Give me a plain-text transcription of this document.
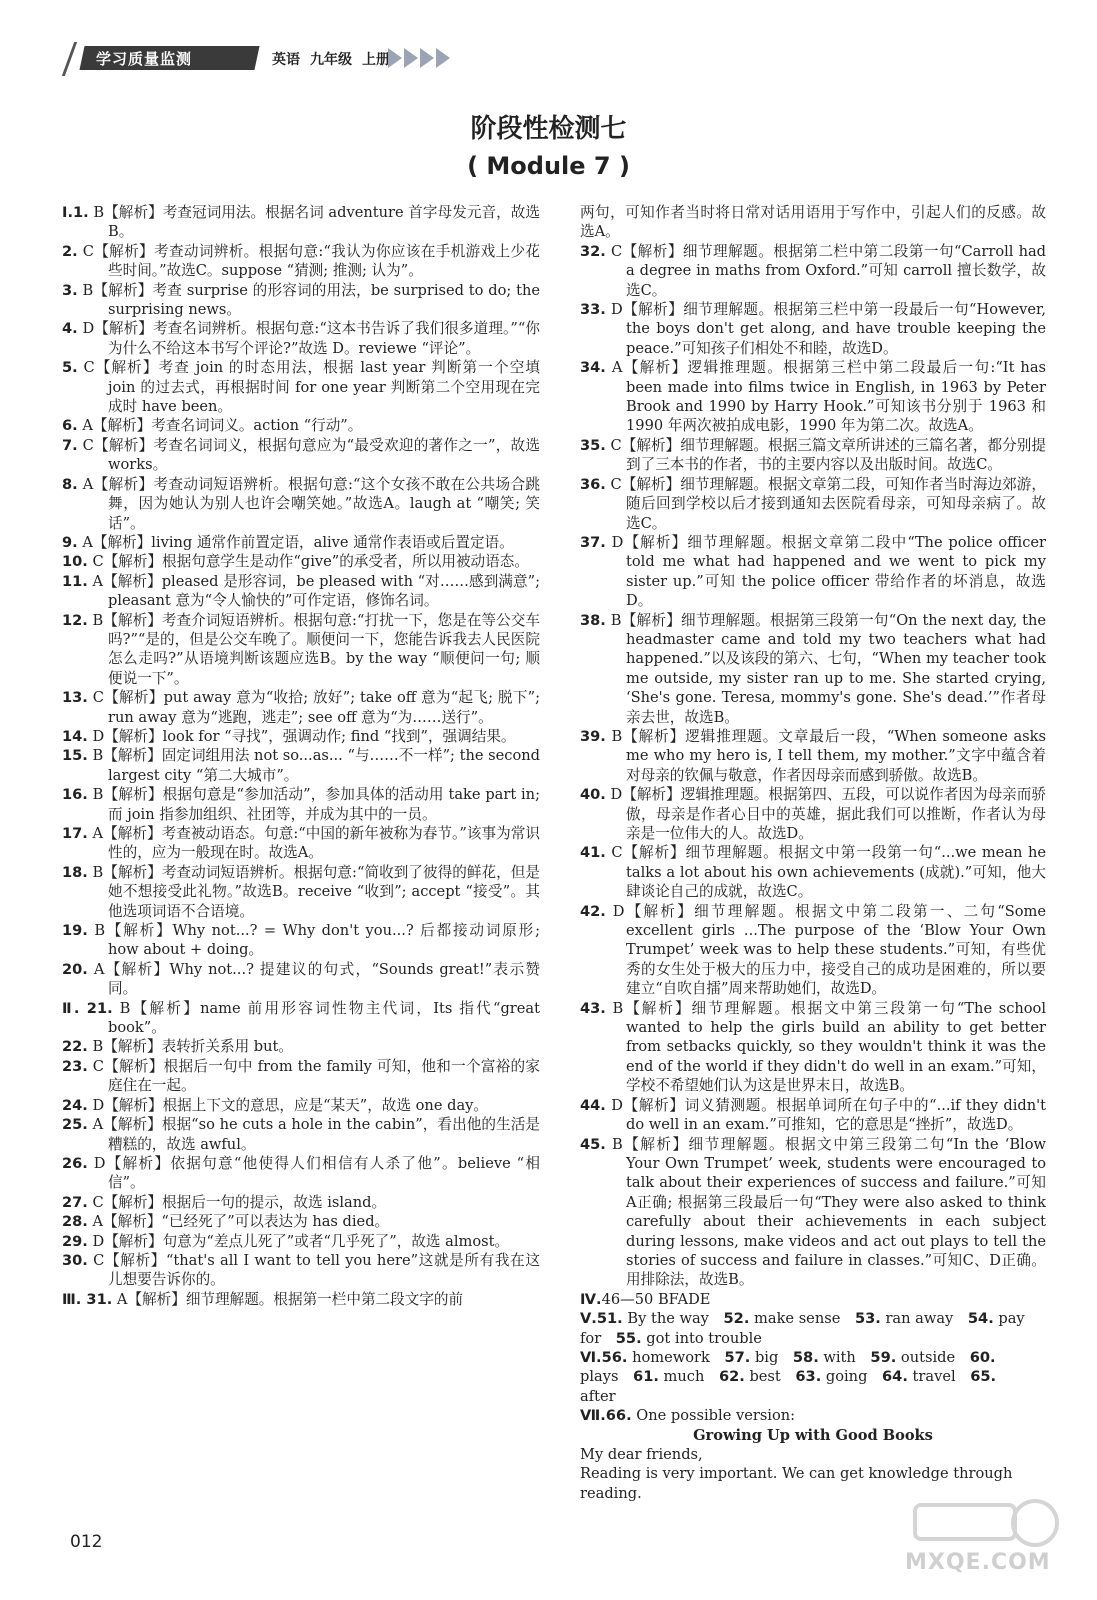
学习质量监测	英语 九年级 上册
阶段性检测七
( Module 7 )

Ⅰ.1. B【解析】考查冠词用法。根据名词 adventure 首字母发元音，故选B。

2. C【解析】考查动词辨析。根据句意:“我认为你应该在手机游戏上少花些时间。”故选C。suppose “猜测; 推测; 认为”。

3. B【解析】考查 surprise 的形容词的用法，be surprised to do; the surprising news。

4. D【解析】考查名词辨析。根据句意:“这本书告诉了我们很多道理。”“你为什么不给这本书写个评论?”故选 D。reviewe “评论”。

5. C【解析】考查 join 的时态用法，根据 last year 判断第一个空填 join 的过去式，再根据时间 for one year 判断第二个空用现在完成时 have been。

6. A【解析】考查名词词义。action “行动”。

7. C【解析】考查名词词义，根据句意应为“最受欢迎的著作之一”，故选 works。

8. A【解析】考查动词短语辨析。根据句意:“这个女孩不敢在公共场合跳舞，因为她认为别人也许会嘲笑她。”故选A。laugh at “嘲笑; 笑话”。

9. A【解析】living 通常作前置定语，alive 通常作表语或后置定语。

10. C【解析】根据句意学生是动作“give”的承受者，所以用被动语态。

11. A【解析】pleased 是形容词，be pleased with “对……感到满意”; pleasant 意为“令人愉快的”可作定语，修饰名词。

12. B【解析】考查介词短语辨析。根据句意:“打扰一下，您是在等公交车吗?”“是的，但是公交车晚了。顺便问一下，您能告诉我去人民医院怎么走吗?”从语境判断该题应选B。by the way “顺便问一句; 顺便说一下”。

13. C【解析】put away 意为“收拾; 放好”; take off 意为“起飞; 脱下”; run away 意为“逃跑，逃走”; see off 意为“为……送行”。

14. D【解析】look for “寻找”，强调动作; find “找到”，强调结果。

15. B【解析】固定词组用法 not so...as... “与……不一样”; the second largest city “第二大城市”。

16. B【解析】根据句意是“参加活动”，参加具体的活动用 take part in; 而 join 指参加组织、社团等，并成为其中的一员。

17. A【解析】考查被动语态。句意:“中国的新年被称为春节。”该事为常识性的，应为一般现在时。故选A。

18. B【解析】考查动词短语辨析。根据句意:“简收到了彼得的鲜花，但是她不想接受此礼物。”故选B。receive “收到”; accept “接受”。其他选项词语不合语境。

19. B【解析】Why not...? = Why don't you...? 后都接动词原形; how about + doing。

20. A【解析】Why not...? 提建议的句式，“Sounds great!”表示赞同。

Ⅱ. 21. B【解析】name 前用形容词性物主代词，Its 指代“great book”。

22. B【解析】表转折关系用 but。

23. C【解析】根据后一句中 from the family 可知，他和一个富裕的家庭住在一起。

24. D【解析】根据上下文的意思，应是“某天”，故选 one day。

25. A【解析】根据“so he cuts a hole in the cabin”，看出他的生活是糟糕的，故选 awful。

26. D【解析】依据句意“他使得人们相信有人杀了他”。believe “相信”。

27. C【解析】根据后一句的提示，故选 island。

28. A【解析】“已经死了”可以表达为 has died。

29. D【解析】句意为“差点儿死了”或者“几乎死了”，故选 almost。

30. C【解析】“that's all I want to tell you here”这就是所有我在这儿想要告诉你的。

Ⅲ. 31. A【解析】细节理解题。根据第一栏中第二段文字的前

两句，可知作者当时将日常对话用语用于写作中，引起人们的反感。故选A。

32. C【解析】细节理解题。根据第二栏中第二段第一句“Carroll had a degree in maths from Oxford.”可知 carroll 擅长数学，故选C。

33. D【解析】细节理解题。根据第三栏中第一段最后一句“However, the boys don't get along, and have trouble keeping the peace.”可知孩子们相处不和睦，故选D。

34. A【解析】逻辑推理题。根据第三栏中第二段最后一句:“It has been made into films twice in English, in 1963 by Peter Brook and 1990 by Harry Hook.”可知该书分别于 1963 和 1990 年两次被拍成电影，1990 年为第二次。故选A。

35. C【解析】细节理解题。根据三篇文章所讲述的三篇名著，都分别提到了三本书的作者，书的主要内容以及出版时间。故选C。

36. C【解析】细节理解题。根据文章第二段，可知作者当时海边郊游，随后回到学校以后才接到通知去医院看母亲，可知母亲病了。故选C。

37. D【解析】细节理解题。根据文章第二段中“The police officer told me what had happened and we went to pick my sister up.”可知 the police officer 带给作者的坏消息，故选D。

38. B【解析】细节理解题。根据第三段第一句“On the next day, the headmaster came and told my two teachers what had happened.”以及该段的第六、七句，“When my teacher took me outside, my sister ran up to me. She started crying, ‘She's gone. Teresa, mommy's gone. She's dead.’”作者母亲去世，故选B。

39. B【解析】逻辑推理题。文章最后一段，“When someone asks me who my hero is, I tell them, my mother.”文字中蕴含着对母亲的钦佩与敬意，作者因母亲而感到骄傲。故选B。

40. D【解析】逻辑推理题。根据第四、五段，可以说作者因为母亲而骄傲，母亲是作者心目中的英雄，据此我们可以推断，作者认为母亲是一位伟大的人。故选D。

41. C【解析】细节理解题。根据文中第一段第一句“...we mean he talks a lot about his own achievements (成就).”可知，他大肆谈论自己的成就，故选C。

42. D【解析】细节理解题。根据文中第二段第一、二句“Some excellent girls ...The purpose of the ‘Blow Your Own Trumpet’ week was to help these students.”可知，有些优秀的女生处于极大的压力中，接受自己的成功是困难的，所以要建立“自吹自擂”周来帮助她们，故选D。

43. B【解析】细节理解题。根据文中第三段第一句“The school wanted to help the girls build an ability to get better from setbacks quickly, so they wouldn't think it was the end of the world if they didn't do well in an exam.”可知，学校不希望她们认为这是世界末日，故选B。

44. D【解析】词义猜测题。根据单词所在句子中的“...if they didn't do well in an exam.”可推知，它的意思是“挫折”，故选D。

45. B【解析】细节理解题。根据文中第三段第二句“In the ‘Blow Your Own Trumpet’ week, students were encouraged to talk about their experiences of success and failure.”可知A正确; 根据第三段最后一句“They were also asked to think carefully about their achievements in each subject during lessons, make videos and act out plays to tell the stories of success and failure in classes.”可知C、D正确。用排除法，故选B。

Ⅳ.46—50 BFADE

Ⅴ.51. By the way  52. make sense  53. ran away  54. pay for  55. got into trouble 

Ⅵ.56. homework  57. big  58. with  59. outside  60. plays  61. much  62. best  63. going  64. travel  65. after 

Ⅶ.66. One possible version:

Growing Up with Good Books

My dear friends,

Reading is very important. We can get knowledge through reading.

012
MXQE.COM
